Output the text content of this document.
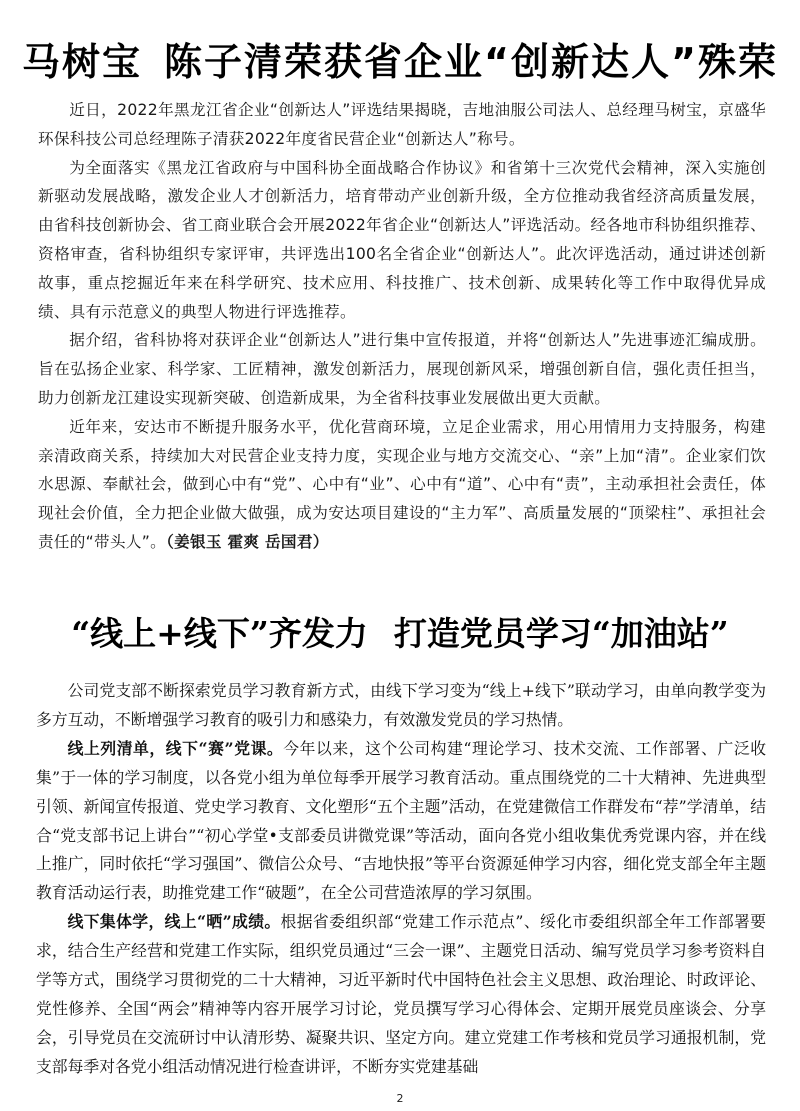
马树宝 陈子清荣获省企业“创新达人”殊荣

近日，2022年黑龙江省企业“创新达人”评选结果揭晓，吉地油服公司法人、总经理马树宝，京盛华环保科技公司总经理陈子清获2022年度省民营企业“创新达人”称号。

为全面落实《黑龙江省政府与中国科协全面战略合作协议》和省第十三次党代会精神，深入实施创新驱动发展战略，激发企业人才创新活力，培育带动产业创新升级，全方位推动我省经济高质量发展，由省科技创新协会、省工商业联合会开展2022年省企业“创新达人”评选活动。经各地市科协组织推荐、资格审查，省科协组织专家评审，共评选出100名全省企业“创新达人”。此次评选活动，通过讲述创新故事，重点挖掘近年来在科学研究、技术应用、科技推广、技术创新、成果转化等工作中取得优异成绩、具有示范意义的典型人物进行评选推荐。

据介绍，省科协将对获评企业“创新达人”进行集中宣传报道，并将“创新达人”先进事迹汇编成册。旨在弘扬企业家、科学家、工匠精神，激发创新活力，展现创新风采，增强创新自信，强化责任担当，助力创新龙江建设实现新突破、创造新成果，为全省科技事业发展做出更大贡献。

近年来，安达市不断提升服务水平，优化营商环境，立足企业需求，用心用情用力支持服务，构建亲清政商关系，持续加大对民营企业支持力度，实现企业与地方交流交心、“亲”上加“清”。企业家们饮水思源、奉献社会，做到心中有“党”、心中有“业”、心中有“道”、心中有“责”，主动承担社会责任，体现社会价值，全力把企业做大做强，成为安达项目建设的“主力军”、高质量发展的“顶梁柱”、承担社会责任的“带头人”。（姜银玉 霍爽 岳国君）

“线上+线下”齐发力 打造党员学习“加油站”

公司党支部不断探索党员学习教育新方式，由线下学习变为“线上+线下”联动学习，由单向教学变为多方互动，不断增强学习教育的吸引力和感染力，有效激发党员的学习热情。

线上列清单，线下“赛”党课。今年以来，这个公司构建“理论学习、技术交流、工作部署、广泛收集”于一体的学习制度，以各党小组为单位每季开展学习教育活动。重点围绕党的二十大精神、先进典型引领、新闻宣传报道、党史学习教育、文化塑形“五个主题”活动，在党建微信工作群发布“荐”学清单，结合“党支部书记上讲台”“初心学堂•支部委员讲微党课”等活动，面向各党小组收集优秀党课内容，并在线上推广，同时依托“学习强国”、微信公众号、“吉地快报”等平台资源延伸学习内容，细化党支部全年主题教育活动运行表，助推党建工作“破题”，在全公司营造浓厚的学习氛围。

线下集体学，线上“晒”成绩。根据省委组织部“党建工作示范点”、绥化市委组织部全年工作部署要求，结合生产经营和党建工作实际，组织党员通过“三会一课”、主题党日活动、编写党员学习参考资料自学等方式，围绕学习贯彻党的二十大精神，习近平新时代中国特色社会主义思想、政治理论、时政评论、党性修养、全国“两会”精神等内容开展学习讨论，党员撰写学习心得体会、定期开展党员座谈会、分享会，引导党员在交流研讨中认清形势、凝聚共识、坚定方向。建立党建工作考核和党员学习通报机制，党支部每季对各党小组活动情况进行检查讲评，不断夯实党建基础

2
